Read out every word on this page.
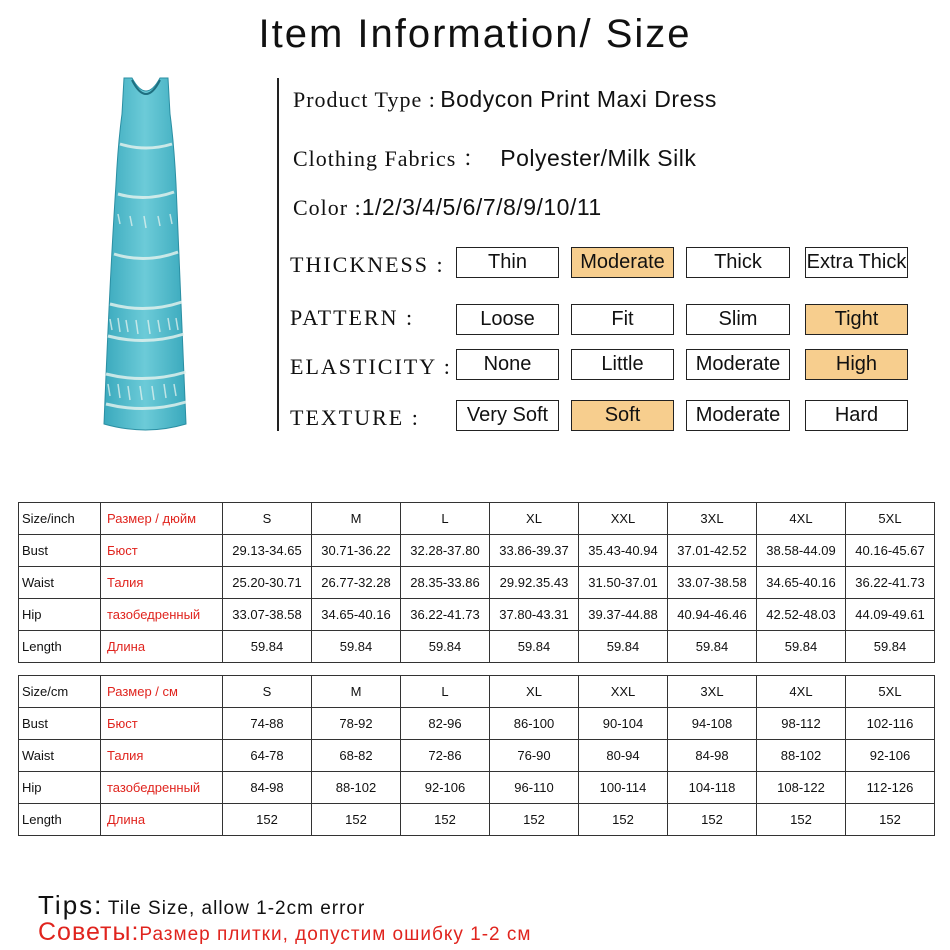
Item Information/ Size
Product Type : Bodycon Print Maxi Dress
Clothing Fabrics ： Polyester/Milk Silk
Color :1/2/3/4/5/6/7/8/9/10/11
THICKNESS :	Thin	Moderate	Thick	Extra Thick
PATTERN :	Loose	Fit	Slim	Tight
ELASTICITY :	None	Little	Moderate	High
TEXTURE :	Very Soft	Soft	Moderate	Hard
Size/inch	Размер / дюйм	S	M	L	XL	XXL	3XL	4XL	5XL
Bust	Бюст	29.13-34.65	30.71-36.22	32.28-37.80	33.86-39.37	35.43-40.94	37.01-42.52	38.58-44.09	40.16-45.67
Waist	Талия	25.20-30.71	26.77-32.28	28.35-33.86	29.92.35.43	31.50-37.01	33.07-38.58	34.65-40.16	36.22-41.73
Hip	тазобедренный	33.07-38.58	34.65-40.16	36.22-41.73	37.80-43.31	39.37-44.88	40.94-46.46	42.52-48.03	44.09-49.61
Length	Длина	59.84	59.84	59.84	59.84	59.84	59.84	59.84	59.84
Size/cm	Размер / см	S	M	L	XL	XXL	3XL	4XL	5XL
Bust	Бюст	74-88	78-92	82-96	86-100	90-104	94-108	98-112	102-116
Waist	Талия	64-78	68-82	72-86	76-90	80-94	84-98	88-102	92-106
Hip	тазобедренный	84-98	88-102	92-106	96-110	100-114	104-118	108-122	112-126
Length	Длина	152	152	152	152	152	152	152	152
Tips: Tile Size, allow 1-2cm error
Советы:Размер плитки, допустим ошибку 1-2 см
